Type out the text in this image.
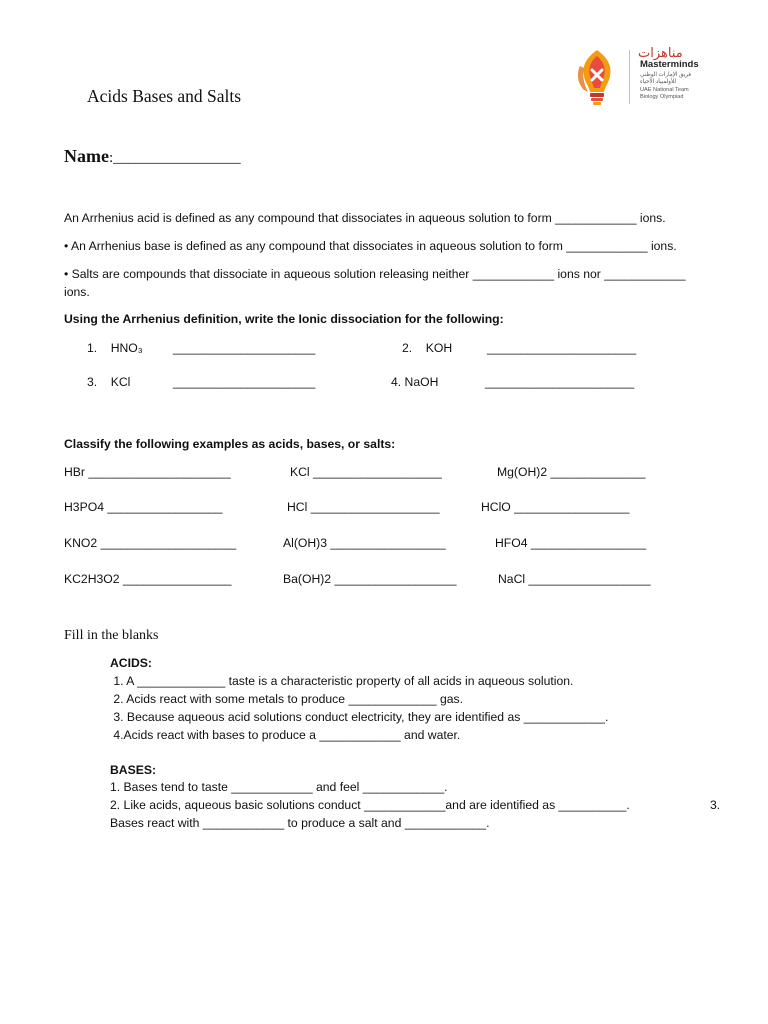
مناهزات
Masterminds
فريق الإمارات الوطني
للأولمبياد الأحياء
UAE National Team
Biology Olympiad
Acids Bases and Salts
Name:_________________
An Arrhenius acid is defined as any compound that dissociates in aqueous solution to form ____________ ions.
• An Arrhenius base is defined as any compound that dissociates in aqueous solution to form ____________ ions.
• Salts are compounds that dissociate in aqueous solution releasing neither ____________ ions nor ____________
ions.
Using the Arrhenius definition, write the Ionic dissociation for the following:
1.    HNO₃ _____________________	2.    KOH	______________________
3.    KCl	_____________________	4. NaOH	______________________
Classify the following examples as acids, bases, or salts:
HBr _____________________	KCl ___________________	Mg(OH)2 ______________
H3PO4 _________________	HCl ___________________	HClO _________________
KNO2 ____________________	Al(OH)3 _________________	HFO4 _________________
KC2H3O2 ________________	Ba(OH)2 __________________	NaCl __________________
Fill in the blanks
ACIDS:
1. A _____________ taste is a characteristic property of all acids in aqueous solution.
2. Acids react with some metals to produce _____________ gas.
3. Because aqueous acid solutions conduct electricity, they are identified as ____________.
4.Acids react with bases to produce a ____________ and water.
BASES:
1. Bases tend to taste ____________ and feel ____________.
2. Like acids, aqueous basic solutions conduct ____________and are identified as __________.	3.
Bases react with ____________ to produce a salt and ____________.
